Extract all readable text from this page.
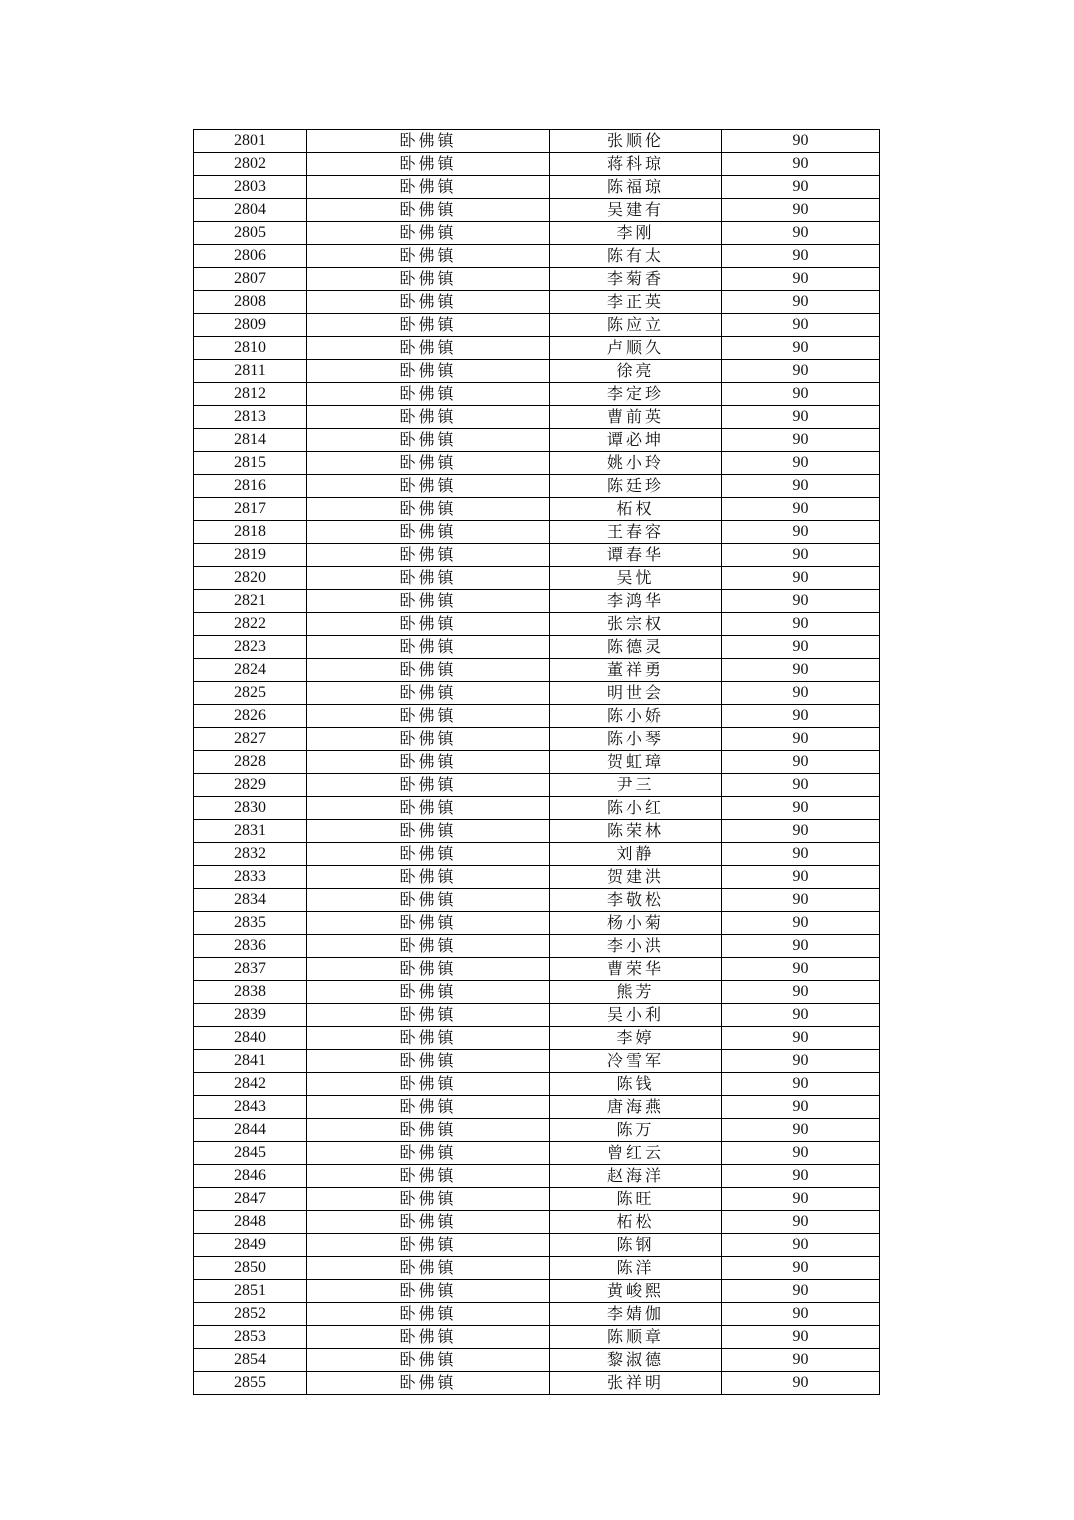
2801	卧佛镇	张顺伦	90
2802	卧佛镇	蒋科琼	90
2803	卧佛镇	陈福琼	90
2804	卧佛镇	吴建有	90
2805	卧佛镇	李刚	90
2806	卧佛镇	陈有太	90
2807	卧佛镇	李菊香	90
2808	卧佛镇	李正英	90
2809	卧佛镇	陈应立	90
2810	卧佛镇	卢顺久	90
2811	卧佛镇	徐亮	90
2812	卧佛镇	李定珍	90
2813	卧佛镇	曹前英	90
2814	卧佛镇	谭必坤	90
2815	卧佛镇	姚小玲	90
2816	卧佛镇	陈廷珍	90
2817	卧佛镇	柘权	90
2818	卧佛镇	王春容	90
2819	卧佛镇	谭春华	90
2820	卧佛镇	吴忧	90
2821	卧佛镇	李鸿华	90
2822	卧佛镇	张宗权	90
2823	卧佛镇	陈德灵	90
2824	卧佛镇	董祥勇	90
2825	卧佛镇	明世会	90
2826	卧佛镇	陈小娇	90
2827	卧佛镇	陈小琴	90
2828	卧佛镇	贺虹璋	90
2829	卧佛镇	尹三	90
2830	卧佛镇	陈小红	90
2831	卧佛镇	陈荣林	90
2832	卧佛镇	刘静	90
2833	卧佛镇	贺建洪	90
2834	卧佛镇	李敬松	90
2835	卧佛镇	杨小菊	90
2836	卧佛镇	李小洪	90
2837	卧佛镇	曹荣华	90
2838	卧佛镇	熊芳	90
2839	卧佛镇	吴小利	90
2840	卧佛镇	李婷	90
2841	卧佛镇	冷雪军	90
2842	卧佛镇	陈钱	90
2843	卧佛镇	唐海燕	90
2844	卧佛镇	陈万	90
2845	卧佛镇	曾红云	90
2846	卧佛镇	赵海洋	90
2847	卧佛镇	陈旺	90
2848	卧佛镇	柘松	90
2849	卧佛镇	陈钢	90
2850	卧佛镇	陈洋	90
2851	卧佛镇	黄峻熙	90
2852	卧佛镇	李婧伽	90
2853	卧佛镇	陈顺章	90
2854	卧佛镇	黎淑德	90
2855	卧佛镇	张祥明	90
